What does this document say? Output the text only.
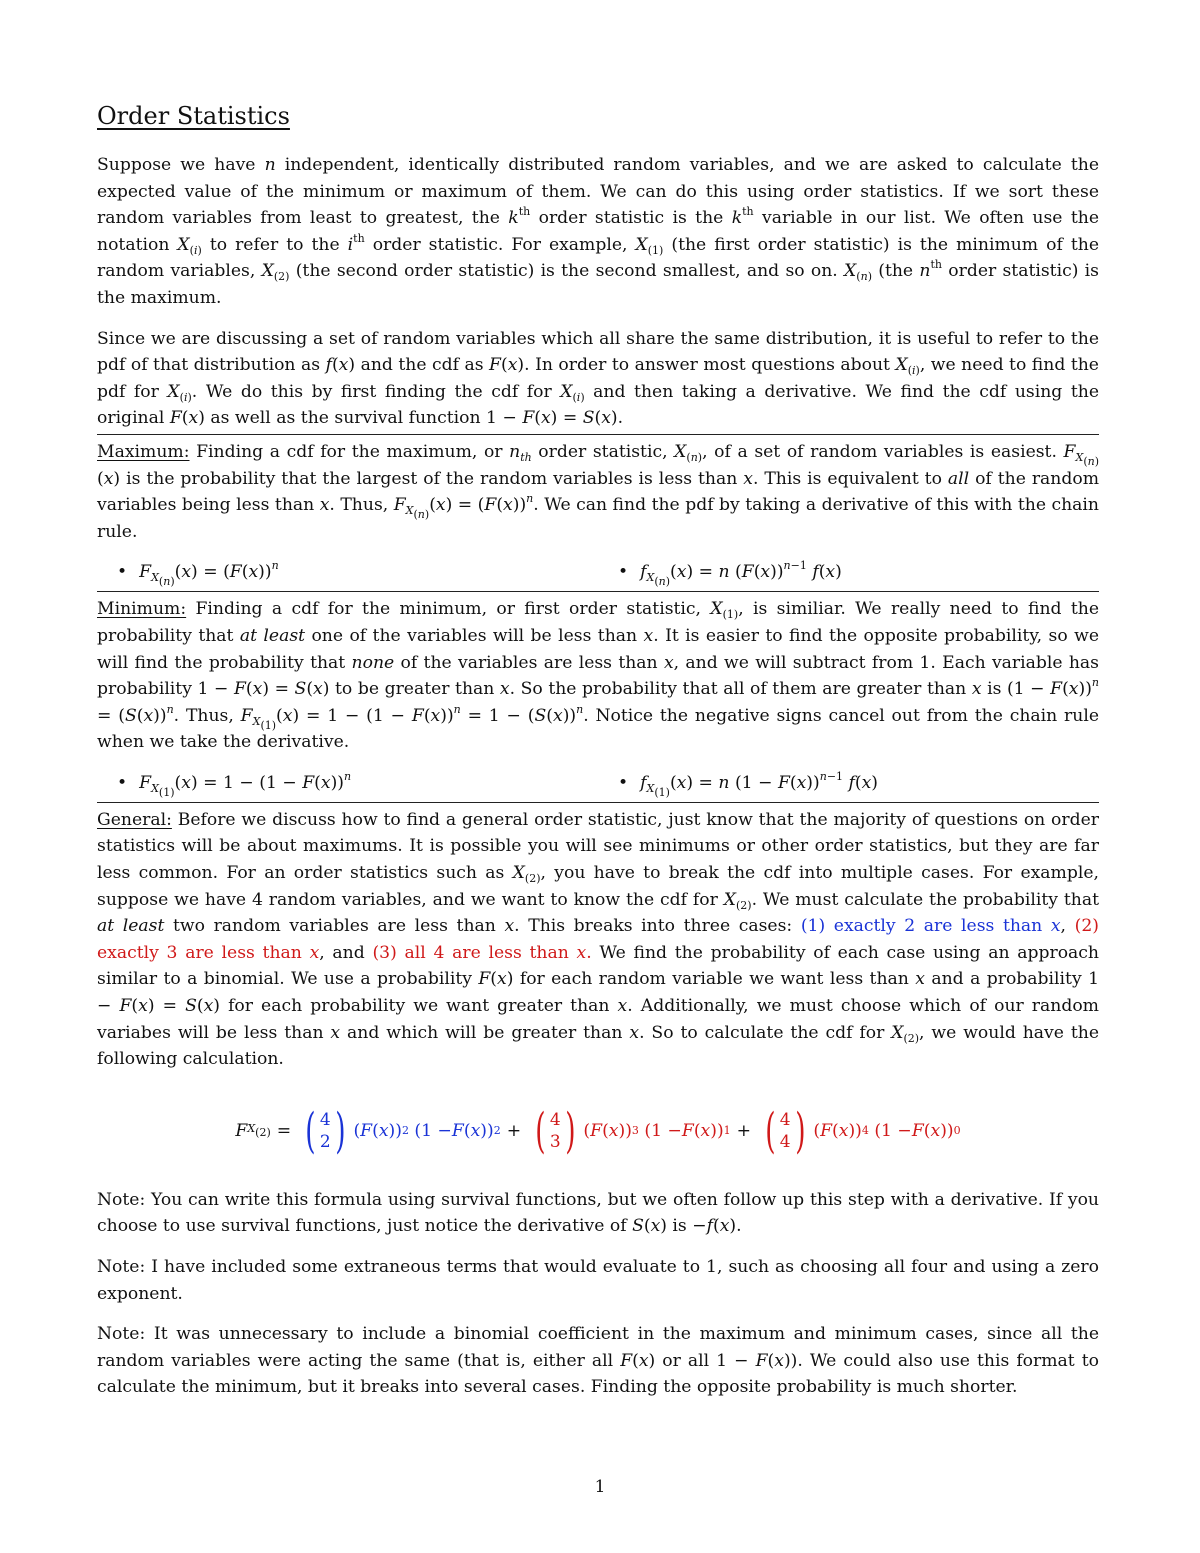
Order Statistics

Suppose we have n independent, identically distributed random variables, and we are asked to calculate the expected value of the minimum or maximum of them. We can do this using order statistics. If we sort these random variables from least to greatest, the $k^{th}$ order statistic is the $k^{th}$ variable in our list. We often use the notation $X_{(i)}$ to refer to the $i^{th}$ order statistic. For example, $X_{(1)}$ (the first order statistic) is the minimum of the random variables, $X_{(2)}$ (the second order statistic) is the second smallest, and so on. $X_{(n)}$ (the $n^{th}$ order statistic) is the maximum.

Since we are discussing a set of random variables which all share the same distribution, it is useful to refer to the pdf of that distribution as f(x) and the cdf as F(x). In order to answer most questions about $X_{(i)}$, we need to find the pdf for $X_{(i)}$. We do this by first finding the cdf for $X_{(i)}$ and then taking a derivative. We find the cdf using the original F(x) as well as the survival function 1 − F(x) = S(x).

Maximum: Finding a cdf for the maximum, or $n_{th}$ order statistic, $X_{(n)}$, of a set of random variables is easiest. $F_{X_{(n)}}(x)$ is the probability that the largest of the random variables is less than x. This is equivalent to all of the random variables being less than x. Thus, $F_{X_{(n)}}(x) = (F(x))^n$. We can find the pdf by taking a derivative of this with the chain rule.

• $F_{X_{(n)}}(x) = (F(x))^n$	• $f_{X_{(n)}}(x) = n$ $(F(x))^{n-1}$ f(x)

Minimum: Finding a cdf for the minimum, or first order statistic, $X_{(1)}$, is similiar. We really need to find the probability that at least one of the variables will be less than x. It is easier to find the opposite probability, so we will find the probability that none of the variables are less than x, and we will subtract from 1. Each variable has probability 1 − F(x) = S(x) to be greater than x. So the probability that all of them are greater than x is $(1 - F(x))^n = (S(x))^n$. Thus, $F_{X_{(1)}}(x) = 1 - (1 - F(x))^n = 1 - (S(x))^n$. Notice the negative signs cancel out from the chain rule when we take the derivative.

• $F_{X_{(1)}}(x) = 1 - (1 - F(x))^n$	• $f_{X_{(1)}}(x) = n$ $(1 - F(x))^{n-1}$ f(x)

General: Before we discuss how to find a general order statistic, just know that the majority of questions on order statistics will be about maximums. It is possible you will see minimums or other order statistics, but they are far less common. For an order statistics such as $X_{(2)}$, you have to break the cdf into multiple cases. For example, suppose we have 4 random variables, and we want to know the cdf for $X_{(2)}$. We must calculate the probability that at least two random variables are less than x. This breaks into three cases: (1) exactly 2 are less than x, (2) exactly 3 are less than x, and (3) all 4 are less than x. We find the probability of each case using an approach similar to a binomial. We use a probability F(x) for each random variable we want less than x and a probability 1 − F(x) = S(x) for each probability we want greater than x. Additionally, we must choose which of our random variabes will be less than x and which will be greater than x. So to calculate the cdf for $X_{(2)}$, we would have the following calculation.

F $X_{(2)}$ = ( 4
2 ) ( F ( x )) 2 (1 − F ( x )) 2 + ( 4
3 ) ( F ( x )) 3 (1 − F ( x )) 1 + ( 4
4 ) ( F ( x )) 4 (1 − F ( x )) 0

Note: You can write this formula using survival functions, but we often follow up this step with a derivative. If you choose to use survival functions, just notice the derivative of S(x) is −f(x).

Note: I have included some extraneous terms that would evaluate to 1, such as choosing all four and using a zero exponent.

Note: It was unnecessary to include a binomial coefficient in the maximum and minimum cases, since all the random variables were acting the same (that is, either all F(x) or all 1 − F(x)). We could also use this format to calculate the minimum, but it breaks into several cases. Finding the opposite probability is much shorter.

1
